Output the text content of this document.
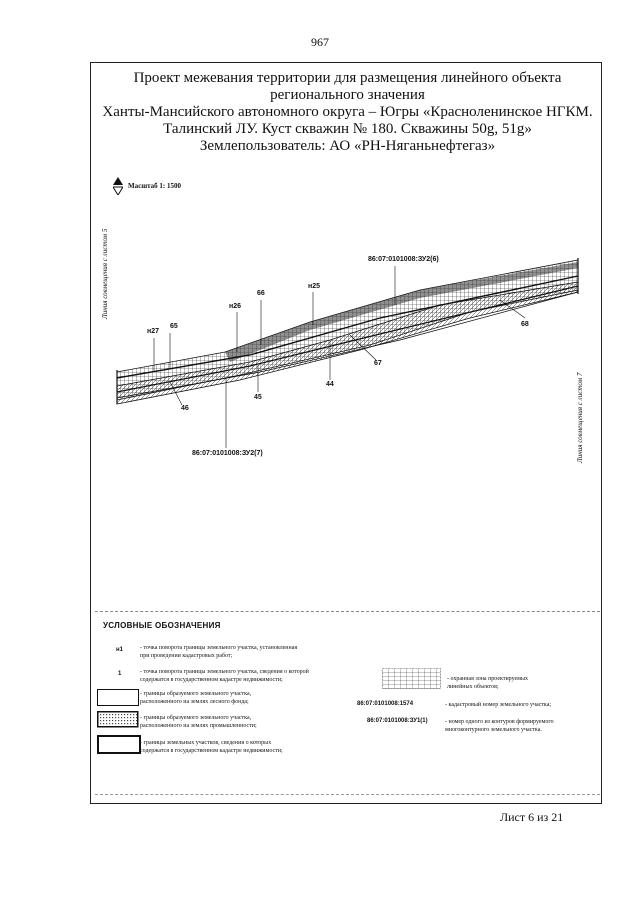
967
Проект межевания территории для размещения линейного объекта
регионального значения
Ханты-Мансийского автономного округа – Югры «Красноленинское НГКМ.
Талинский ЛУ. Куст скважин № 180. Скважины 50g, 51g»
Землепользователь: АО «РН-Няганьнефтегаз»
Масштаб 1: 1500
Линия совмещения с листом 5
Линия совмещения с листом 7
86:07:0101008:ЗУ2(6)
86:07:0101008:ЗУ2(7)
н27
н26
н25
65
66
68
67
44
45
46
УСЛОВНЫЕ ОБОЗНАЧЕНИЯ
н1	- точка поворота границы земельного участка, установленная
при проведении кадастровых работ;
1	- точка поворота границы земельного участка, сведения о которой
содержатся в государственном кадастре недвижимости;
- границы образуемого земельного участка,
расположенного на землях лесного фонда;
- границы образуемого земельного участка,
расположенного на землях промышленности;
- границы земельных участков, сведения о которых
содержатся в государственном кадастре недвижимости;
- охранная зона проектируемых
линейных объектов;
86:07:0101008:1574	- кадастровый номер земельного участка;
86:07:0101008:ЗУ1(1)	- номер одного из контуров формируемого
многоконтурного земельного участка.
Лист 6 из 21
